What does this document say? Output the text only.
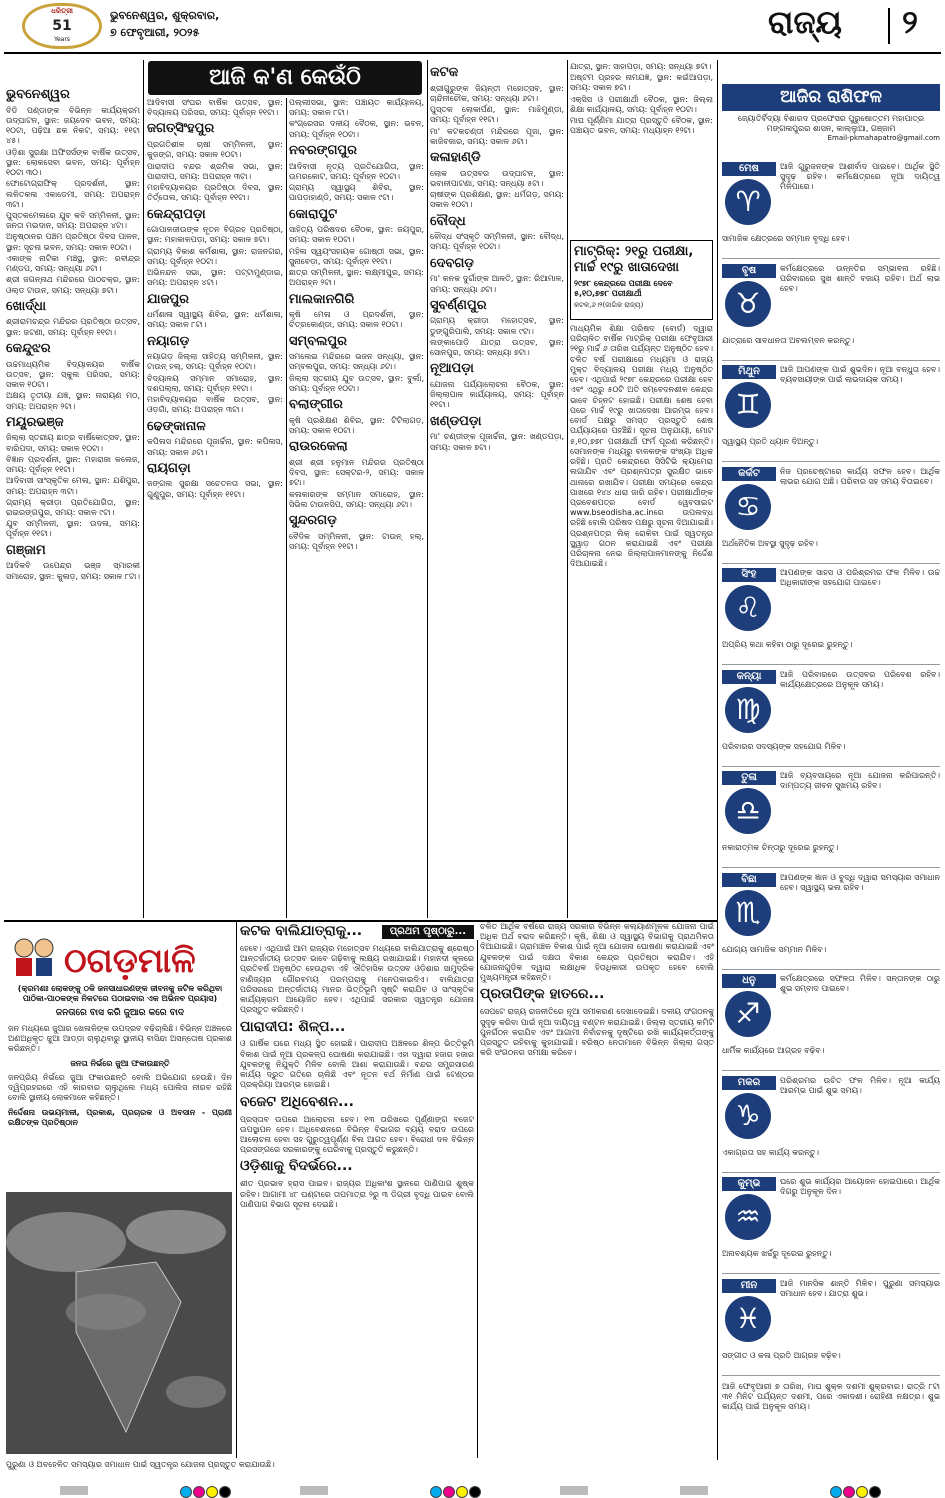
ଧରିତ୍ରୀ
51
Years
ଭୁବନେଶ୍ୱର, ଶୁକ୍ରବାର,
୭ ଫେବୃଆରୀ, ୨୦୨୫	ରାଜ୍ୟ ୨
ଆଜି କ'ଣ କେଉଁଠି
ଭୁବନେଶ୍ୱର
ବିଡି ପଣ୍ଡାଙ୍କ ବିଭିନ୍ନ କାର୍ଯ୍ୟକ୍ରମ ଉଦ୍‌ଘାଟନ, ସ୍ଥାନ: ଜୟଦେବ ଭବନ, ସମୟ: ୧୦ଟା, ପଢ଼ିଆ ଛକ ନିକଟ, ସମୟ: ୧୧ଟା ୪୫।
ଓଡ଼ିଶା ସୁରକ୍ଷା ଅଫିସର୍ସଙ୍କ ବାର୍ଷିକ ଉତ୍ସବ, ସ୍ଥାନ: ଲୋକସେବା ଭବନ, ସମୟ: ପୂର୍ବାହ୍ନ ୧୦ଟା ୩୦।
ଫୋଟୋଗ୍ରାଫିକ୍ ପ୍ରଦର୍ଶନୀ, ସ୍ଥାନ: ଲଳିତକଳା ଏକାଡେମୀ, ସମୟ: ଅପରାହ୍ନ ୩ଟା।
ପୁସ୍ତକମେଳାରେ ଯୁବ କବି ସମ୍ମିଳନୀ, ସ୍ଥାନ: ଜନତା ମଇଦାନ, ସମୟ: ଅପରାହ୍ନ ୪ଟା।
ଅନୁଷ୍ଠାନର ପଞ୍ଚମ ପ୍ରତିଷ୍ଠା ଦିବସ ପାଳନ, ସ୍ଥାନ: ସୂଚନା ଭବନ, ସମୟ: ସକାଳ ୧୦ଟା।
ଏକାଙ୍କ ନାଟିକା ମଞ୍ଚସ୍ଥ, ସ୍ଥାନ: ରବୀନ୍ଦ୍ର ମଣ୍ଡପ, ସମୟ: ସନ୍ଧ୍ୟା ୬ଟା।
ଶ୍ରୀ ଜଗନ୍ନାଥ ମନ୍ଦିରରେ ପାଠଚକ୍ର, ସ୍ଥାନ: ଓଲ୍ଡ ଟାଉନ, ସମୟ: ସନ୍ଧ୍ୟା ୭ଟା।
ଖୋର୍ଦ୍ଧା
ଶ୍ରୀରାମଚନ୍ଦ୍ର ମନ୍ଦିରର ପ୍ରତିଷ୍ଠା ଉତ୍ସବ, ସ୍ଥାନ: ଜଟଣୀ, ସମୟ: ପୂର୍ବାହ୍ନ ୧୧ଟା।
କେନ୍ଦୁଝର
ଉଚ୍ଚମାଧ୍ୟମିକ ବିଦ୍ୟାଳୟର ବାର୍ଷିକ ଉତ୍ସବ, ସ୍ଥାନ: ସ୍କୁଲ ପରିସର, ସମୟ: ସକାଳ ୧୦ଟା।
ଅକ୍ଷୟ ତୃତୀୟା ଯଜ୍ଞ, ସ୍ଥାନ: ନାରାୟଣ ମଠ, ସମୟ: ଅପରାହ୍ନ ୨ଟା।
ମୟୂରଭଞ୍ଜ
ଜିଲ୍ଲା ସ୍ତରୀୟ ଛାତ୍ର ବାର୍ଷିକୋତ୍ସବ, ସ୍ଥାନ: ବାରିପଦା, ସମୟ: ସକାଳ ୧୦ଟା।
ବିଜ୍ଞାନ ପ୍ରଦର୍ଶନୀ, ସ୍ଥାନ: ମହାରାଜା କଲେଜ, ସମୟ: ପୂର୍ବାହ୍ନ ୧୧ଟା।
ଆଦିବାସୀ ସାଂସ୍କୃତିକ ମେଳା, ସ୍ଥାନ: ଯଶିପୁର, ସମୟ: ଅପରାହ୍ନ ୩ଟା।
ଗ୍ରାମ୍ୟ କ୍ରୀଡ଼ା ପ୍ରତିଯୋଗିତା, ସ୍ଥାନ: ରାଇରଙ୍ଗପୁର, ସମୟ: ସକାଳ ୯ଟା।
ଯୁବ ସମ୍ମିଳନୀ, ସ୍ଥାନ: ଉଦଳା, ସମୟ: ପୂର୍ବାହ୍ନ ୧୧ଟା।
ଗଞ୍ଜାମ
ଆଦିକବି ଉପେନ୍ଦ୍ର ଭଞ୍ଜ ସ୍ମାରକୀ ସମାରୋହ, ସ୍ଥାନ: କୁଳାଡ଼, ସମୟ: ସକାଳ ୮ଟା।
ଆଦିବାସୀ ସଂଘର ବାର୍ଷିକ ଉତ୍ସବ, ସ୍ଥାନ: ବିଦ୍ୟାଳୟ ପରିସର, ସମୟ: ପୂର୍ବାହ୍ନ ୧୧ଟା।
ଜଗତ୍‌ସିଂହପୁର
ପ୍ରଗତିଶୀଳ ଚାଷୀ ସମ୍ମିଳନୀ, ସ୍ଥାନ: କୁଜଙ୍ଗ, ସମୟ: ସକାଳ ୧୦ଟା।
ପାରାଦୀପ ବନ୍ଦର ଶ୍ରମିକ ସଭା, ସ୍ଥାନ: ପାରାଦୀପ, ସମୟ: ଅପରାହ୍ନ ୩ଟା।
ମହାବିଦ୍ୟାଳୟର ପ୍ରତିଷ୍ଠା ଦିବସ, ସ୍ଥାନ: ତିର୍ତ୍ତୋଲ, ସମୟ: ପୂର୍ବାହ୍ନ ୧୧ଟା।
କେନ୍ଦ୍ରାପଡ଼ା
ଗୋପାଳଜୀଉଙ୍କ ନୂତନ ବିଗ୍ରହ ପ୍ରତିଷ୍ଠା, ସ୍ଥାନ: ମହାକାଳପଡ଼ା, ସମୟ: ସକାଳ ୭ଟା।
ଗ୍ରାମ୍ୟ ବିକାଶ କର୍ମଶାଳା, ସ୍ଥାନ: ରାଜନଗର, ସମୟ: ପୂର୍ବାହ୍ନ ୧୦ଟା।
ଅଭିନନ୍ଦନ ସଭା, ସ୍ଥାନ: ପଟ୍ଟାମୁଣ୍ଡାଇ, ସମୟ: ଅପରାହ୍ନ ୪ଟା।
ଯାଜପୁର
ଧର୍ମଶାଳା ସ୍ୱାସ୍ଥ୍ୟ ଶିବିର, ସ୍ଥାନ: ଧର୍ମଶାଳା, ସମୟ: ସକାଳ ୮ଟା।
ନୟାଗଡ଼
ନୟାଗଡ଼ ଜିଲ୍ଲା ସାହିତ୍ୟ ସମ୍ମିଳନୀ, ସ୍ଥାନ: ଟାଉନ୍ ହଲ୍, ସମୟ: ପୂର୍ବାହ୍ନ ୧୦ଟା।
ବିଦ୍ୟାଳୟ ସମ୍ମାନ ସମାରୋହ, ସ୍ଥାନ: ଦଶପଲ୍ଲା, ସମୟ: ପୂର୍ବାହ୍ନ ୧୧ଟା।
ମହାବିଦ୍ୟାଳୟର ବାର୍ଷିକ ଉତ୍ସବ, ସ୍ଥାନ: ଓଡ଼ଗାଁ, ସମୟ: ଅପରାହ୍ନ ୩ଟା।
ଢେଙ୍କାନାଳ
କପିଳାସ ମନ୍ଦିରରେ ପୂଜାର୍ଚ୍ଚନା, ସ୍ଥାନ: କପିଳାସ, ସମୟ: ସକାଳ ୬ଟା।
ରାୟଗଡ଼ା
ଜଙ୍ଗଲ ସୁରକ୍ଷା ସଚେତନତା ସଭା, ସ୍ଥାନ: ଗୁଣୁପୁର, ସମୟ: ପୂର୍ବାହ୍ନ ୧୧ଟା।
ପଲ୍ଲୀସଭା, ସ୍ଥାନ: ପଞ୍ଚାୟତ କାର୍ଯ୍ୟାଳୟ, ସମୟ: ସକାଳ ୮ଟା।
କଂଗ୍ରେସର ଦଳୀୟ ବୈଠକ, ସ୍ଥାନ: ଭବନ, ସମୟ: ପୂର୍ବାହ୍ନ ୧୦ଟା।
ନବରଙ୍ଗପୁର
ଆଦିବାସୀ ନୃତ୍ୟ ପ୍ରତିଯୋଗିତା, ସ୍ଥାନ: ଉମରକୋଟ, ସମୟ: ପୂର୍ବାହ୍ନ ୧୦ଟା।
ଗ୍ରାମ୍ୟ ସ୍ୱାସ୍ଥ୍ୟ ଶିବିର, ସ୍ଥାନ: ପାପଡ଼ାହାଣ୍ଡି, ସମୟ: ସକାଳ ୯ଟା।
କୋରାପୁଟ
ସାହିତ୍ୟ ପରିଷଦର ବୈଠକ, ସ୍ଥାନ: ଜୟପୁର, ସମୟ: ସକାଳ ୧୦ଟା।
ମହିଳା ସ୍ୱୟଂସହାୟକ ଗୋଷ୍ଠୀ ସଭା, ସ୍ଥାନ: ସୁନାବେଡ଼ା, ସମୟ: ପୂର୍ବାହ୍ନ ୧୧ଟା।
ଛାତ୍ର ସମ୍ମିଳନୀ, ସ୍ଥାନ: ଲକ୍ଷ୍ମୀପୁର, ସମୟ: ଅପରାହ୍ନ ୨ଟା।
ମାଲକାନଗିରି
କୃଷି ମେଳା ଓ ପ୍ରଦର୍ଶନୀ, ସ୍ଥାନ: ଚିତ୍ରକୋଣ୍ଡା, ସମୟ: ସକାଳ ୧୦ଟା।
ସମ୍ବଲପୁର
ସମଲେଇ ମନ୍ଦିରରେ ଭଜନ ସନ୍ଧ୍ୟା, ସ୍ଥାନ: ସମ୍ବଲପୁର, ସମୟ: ସନ୍ଧ୍ୟା ୬ଟା।
ଜିଲ୍ଲା ସ୍ତରୀୟ ଯୁବ ଉତ୍ସବ, ସ୍ଥାନ: ବୁର୍ଲା, ସମୟ: ପୂର୍ବାହ୍ନ ୧୦ଟା।
ବଲାଙ୍ଗୀର
କୃଷି ପ୍ରଶିକ୍ଷଣ ଶିବିର, ସ୍ଥାନ: ଟିଟିଲାଗଡ଼, ସମୟ: ସକାଳ ୧୦ଟା।
ରାଉରକେଲା
ଶ୍ରୀ ଶ୍ରୀ ହନୁମାନ ମନ୍ଦିରର ପ୍ରତିଷ୍ଠା ଦିବସ, ସ୍ଥାନ: ସେକ୍ଟର-୨, ସମୟ: ସକାଳ ୭ଟା।
କଳାକାରଙ୍କ ସମ୍ମାନ ସମାରୋହ, ସ୍ଥାନ: ସିଭିଲ ଟାଉନସିପ, ସମୟ: ସନ୍ଧ୍ୟା ୬ଟା।
ସୁନ୍ଦରଗଡ଼
ବୈଦିକ ସମ୍ମିଳନୀ, ସ୍ଥାନ: ଟାଉନ୍ ହଲ୍, ସମୟ: ପୂର୍ବାହ୍ନ ୧୧ଟା।
କଟକ
ଶ୍ରୀଗୁରୁଙ୍କ ଜିୟନ୍ତୀ ମହୋତ୍ସବ, ସ୍ଥାନ: ଚାନ୍ଦିନୀଚୌକ, ସମୟ: ସନ୍ଧ୍ୟା ୬ଟା।
ପୁସ୍ତକ ଲୋକାର୍ପଣ, ସ୍ଥାନ: ମାଝିମୁଣ୍ଡା, ସମୟ: ପୂର୍ବାହ୍ନ ୧୧ଟା।
ମା' କଟକଚଣ୍ଡୀ ମନ୍ଦିରରେ ପୂଜା, ସ୍ଥାନ: କାଜିବଜାର, ସମୟ: ସକାଳ ୬ଟା।
କଳାହାଣ୍ଡି
ଲୋକ ଉତ୍ସବର ଉଦ୍‌ଘାଟନ, ସ୍ଥାନ: ଭବାନୀପାଟଣା, ସମୟ: ସନ୍ଧ୍ୟା ୫ଟା।
ଚାଷୀଙ୍କ ପ୍ରଶିକ୍ଷଣ, ସ୍ଥାନ: ଧର୍ମଗଡ଼, ସମୟ: ସକାଳ ୧୦ଟା।
ବୌଦ୍ଧ
ବୌଦ୍ଧ ସଂସ୍କୃତି ସମ୍ମିଳନୀ, ସ୍ଥାନ: ବୌଦ୍ଧ, ସମୟ: ପୂର୍ବାହ୍ନ ୧୦ଟା।
ଦେବଗଡ଼
ମା' କନକ ଦୁର୍ଗାଙ୍କ ଆଳତି, ସ୍ଥାନ: ରିଆମାଳ, ସମୟ: ସନ୍ଧ୍ୟା ୬ଟା।
ସୁବର୍ଣ୍ଣପୁର
ଗ୍ରାମ୍ୟ କ୍ରୀଡ଼ା ମହୋତ୍ସବ, ସ୍ଥାନ: ଡୁଙ୍ଗୁରିପାଲି, ସମୟ: ସକାଳ ୯ଟା।
ଲଙ୍କାପୋଡ଼ି ଯାତ୍ରା ଉତ୍ସବ, ସ୍ଥାନ: ସୋନପୁର, ସମୟ: ସନ୍ଧ୍ୟା ୭ଟା।
ନୂଆପଡ଼ା
ଯୋଜନା ପର୍ଯ୍ୟାଲୋଚନା ବୈଠକ, ସ୍ଥାନ: ଜିଲ୍ଲାପାଳ କାର୍ଯ୍ୟାଳୟ, ସମୟ: ପୂର୍ବାହ୍ନ ୧୧ଟା।
ଖଣ୍ଡପଡ଼ା
ମା' ଚଣ୍ଡୀଙ୍କ ପୂଜାର୍ଚ୍ଚନା, ସ୍ଥାନ: ଖଣ୍ଡପଡ଼ା, ସମୟ: ସକାଳ ୭ଟା।
ଯାତ୍ରା, ସ୍ଥାନ: ସାହାପଡ଼ା, ସମୟ: ସନ୍ଧ୍ୟା ୭ଟା।
ଅଷ୍ଟମ ପ୍ରହର ନାମଯଜ୍ଞ, ସ୍ଥାନ: କଇଁଆପଡ଼ା, ସମୟ: ସକାଳ ୭ଟା।
ଏକ୍ସିସ ଓ ପରୀକ୍ଷାର୍ଥୀ ବୈଠକ, ସ୍ଥାନ: ଜିଲ୍ଲା ଶିକ୍ଷା କାର୍ଯ୍ୟାଳୟ, ସମୟ: ପୂର୍ବାହ୍ନ ୧୦ଟା।
ମାଘ ପୂର୍ଣ୍ଣିମା ଯାତ୍ରା ପ୍ରସ୍ତୁତି ବୈଠକ, ସ୍ଥାନ: ପଞ୍ଚାୟତ ଭବନ, ସମୟ: ମଧ୍ୟାହ୍ନ ୧୨ଟା।
ମାଟ୍ରିକ୍: ୨୧ରୁ ପରୀକ୍ଷା, ମାର୍ଚ୍ଚ ୧୯ରୁ ଖାତାଦେଖା
୨୯୭୮ କେନ୍ଦ୍ରରେ ପରୀକ୍ଷା ଦେବେ ୫,୧୦,୭୭୮ ପରୀକ୍ଷାର୍ଥୀ
କଟକ,୬।୨(ଜାଗିକ ରାଜ୍ୟ)
ମାଧ୍ୟମିକ ଶିକ୍ଷା ପରିଷଦ (ବୋର୍ଡ) ଦ୍ୱାରା ପରିଚାଳିତ ବାର୍ଷିକ ମାଟ୍ରିକ୍ ପରୀକ୍ଷା ଫେବୃଆରୀ ୨୧ରୁ ମାର୍ଚ୍ଚ ୬ ତାରିଖ ପର୍ଯ୍ୟନ୍ତ ଅନୁଷ୍ଠିତ ହେବ। ଚଳିତ ବର୍ଷ ପରୀକ୍ଷାରେ ମଧ୍ୟମା ଓ ରାଜ୍ୟ ମୁକ୍ତ ବିଦ୍ୟାଳୟ ପରୀକ୍ଷା ମଧ୍ୟ ଅନୁଷ୍ଠିତ ହେବ। ଏଥିପାଇଁ ୨୯୭୮ କେନ୍ଦ୍ରରେ ପରୀକ୍ଷା ହେବ ଏବଂ ଏଥିରୁ ୫୦ଟି ଅତି ସମ୍ବେଦନଶୀଳ କେନ୍ଦ୍ର ଭାବେ ଚିହ୍ନଟ ହୋଇଛି। ପରୀକ୍ଷା ଶେଷ ହେବା ପରେ ମାର୍ଚ୍ଚ ୧୯ରୁ ଖାତାଦେଖା ଆରମ୍ଭ ହେବ। ବୋର୍ଡ ପକ୍ଷରୁ ସମସ୍ତ ପ୍ରସ୍ତୁତି ଶେଷ ପର୍ଯ୍ୟାୟରେ ପହଞ୍ଚିଛି। ସୂଚନା ଅନୁଯାୟୀ, ମୋଟ ୫,୧୦,୭୭୮ ପରୀକ୍ଷାର୍ଥୀ ଫର୍ମ ପୂରଣ କରିଛନ୍ତି। ସେମାନଙ୍କ ମଧ୍ୟରୁ ବାଳକଙ୍କ ସଂଖ୍ୟା ଅଧିକ ରହିଛି। ପ୍ରତି କେନ୍ଦ୍ରରେ ସିସିଟିଭି କ୍ୟାମେରା ଲଗାଯିବ ଏବଂ ପ୍ରଶ୍ନପତ୍ର ସୁରକ୍ଷିତ ଭାବେ ଥାନାରେ ରଖାଯିବ। ପରୀକ୍ଷା ସମୟରେ କେନ୍ଦ୍ର ପାଖରେ ୧୪୪ ଧାରା ଜାରି ରହିବ। ପରୀକ୍ଷାର୍ଥୀଙ୍କ ପ୍ରବେଶପତ୍ର ବୋର୍ଡ ୱେବସାଇଟ www.bseodisha.ac.inରେ ଉପଲବ୍ଧ ରହିଛି ବୋଲି ପରିଷଦ ପକ୍ଷରୁ ସୂଚନା ଦିଆଯାଇଛି। ପ୍ରଶ୍ନପତ୍ର ଲିକ୍ ରୋକିବା ପାଇଁ ସ୍ୱତନ୍ତ୍ର ସ୍କ୍ୱାଡ଼ ଗଠନ କରାଯାଇଛି ଏବଂ ପରୀକ୍ଷା ପରିଚାଳନା ନେଇ ଜିଲ୍ଲାପାଳମାନଙ୍କୁ ନିର୍ଦ୍ଦେଶ ଦିଆଯାଇଛି।
ଆଜିର ରାଶିଫଳ
ଜ୍ୟୋତିର୍ବିଦ୍ୟା ବିଶାରଦ ପ୍ରଫେସର ପୁରୁଷୋତ୍ତମ ମହାପାତ୍ର
ମଙ୍ଗଳାପୁରର ଶାସନ, କାଲ୍ଲୁଆ, ଗଞ୍ଜାମ
Email-pkmahapatro@gmail.com
ମେଷ
♈
ଆଜି ଗୁରୁଜନଙ୍କ ଆଶୀର୍ବାଦ ପାଇବେ। ଆର୍ଥିକ ସ୍ଥିତି ସୁଦୃଢ଼ ରହିବ। କର୍ମକ୍ଷେତ୍ରରେ ନୂଆ ଦାୟିତ୍ୱ ମିଳିପାରେ।
ସାମାଜିକ କ୍ଷେତ୍ରରେ ସମ୍ମାନ ବୃଦ୍ଧି ହେବ।
ବୃଷ
♉
କର୍ମକ୍ଷେତ୍ରରେ ଉନ୍ନତିର ସମ୍ଭାବନା ରହିଛି। ପରିବାରରେ ସୁଖ ଶାନ୍ତି ବଜାୟ ରହିବ। ଅର୍ଥ ଲାଭ ହେବ।
ଯାତ୍ରାରେ ସାବଧାନତା ଅବଲମ୍ବନ କରନ୍ତୁ।
ମିଥୁନ
♊
ଆଜି ଆପଣଙ୍କ ପାଇଁ ଶୁଭଦିନ। ନୂଆ ବନ୍ଧୁତା ହେବ। ବ୍ୟବସାୟୀଙ୍କ ପାଇଁ ଲାଭଦାୟକ ସମୟ।
ସ୍ୱାସ୍ଥ୍ୟ ପ୍ରତି ଧ୍ୟାନ ଦିଅନ୍ତୁ।
କର୍କଟ
♋
ନିଜ ପ୍ରଚେଷ୍ଟାରେ କାର୍ଯ୍ୟ ସଫଳ ହେବ। ଆର୍ଥିକ ଲାଭର ଯୋଗ ଅଛି। ପରିବାର ସହ ସମୟ ବିତାଇବେ।
ଅର୍ଥନୈତିକ ଅବସ୍ଥା ସୁଦୃଢ଼ ରହିବ।
ସିଂହ
♌
ଆପଣଙ୍କ ସାହସ ଓ ପରିଶ୍ରମର ଫଳ ମିଳିବ। ଉଚ୍ଚ ଅଧିକାରୀଙ୍କ ସହଯୋଗ ପାଇବେ।
ଅପ୍ରିୟ କଥା କହିବା ଠାରୁ ଦୂରେଇ ରୁହନ୍ତୁ।
କନ୍ୟା
♍
ଆଜି ପରିବାରରେ ଉତ୍ସବର ପରିବେଶ ରହିବ। କାର୍ଯ୍ୟକ୍ଷେତ୍ରରେ ଅନୁକୂଳ ସମୟ।
ପରିବାରର ସଦସ୍ୟଙ୍କ ସହଯୋଗ ମିଳିବ।
ତୁଳା
♎
ଆଜି ବ୍ୟବସାୟରେ ନୂଆ ଯୋଜନା କରିପାରନ୍ତି। ଦାମ୍ପତ୍ୟ ଜୀବନ ସୁଖମୟ ରହିବ।
ନକାରାତ୍ମକ ଚିନ୍ତାରୁ ଦୂରେଇ ରୁହନ୍ତୁ।
ବିଛା
♏
ଆପଣଙ୍କ ଜ୍ଞାନ ଓ ବୁଦ୍ଧି ଦ୍ୱାରା ସମସ୍ୟାର ସମାଧାନ ହେବ। ସ୍ୱାସ୍ଥ୍ୟ ଭଲ ରହିବ।
ଯୋଗ୍ୟ ସାମାଜିକ ସମ୍ମାନ ମିଳିବ।
ଧନୁ
♐
କର୍ମକ୍ଷେତ୍ରରେ ସଫଳତା ମିଳିବ। ସନ୍ତାନଙ୍କ ଠାରୁ ଶୁଭ ସମ୍ବାଦ ପାଇବେ।
ଧାର୍ମିକ କାର୍ଯ୍ୟରେ ଆଗ୍ରହ ବଢ଼ିବ।
ମକର
♑
ପରିଶ୍ରମର ଉଚିତ ଫଳ ମିଳିବ। ନୂଆ କାର୍ଯ୍ୟ ଆରମ୍ଭ ପାଇଁ ଶୁଭ ସମୟ।
ଏକାଗ୍ରତା ସହ କାର୍ଯ୍ୟ କରନ୍ତୁ।
କୁମ୍ଭ
♒
ଘରେ ଶୁଭ କାର୍ଯ୍ୟର ଆୟୋଜନ ହୋଇପାରେ। ଆର୍ଥିକ ଦିଗରୁ ଅନୁକୂଳ ଦିନ।
ଅନାବଶ୍ୟକ ଖର୍ଚ୍ଚରୁ ଦୂରେଇ ରୁହନ୍ତୁ।
ମୀନ
♓
ଆଜି ମାନସିକ ଶାନ୍ତି ମିଳିବ। ପୁରୁଣା ସମସ୍ୟାର ସମାଧାନ ହେବ। ଯାତ୍ରା ଶୁଭ।
ସଙ୍ଗୀତ ଓ କଳା ପ୍ରତି ଆଗ୍ରହ ବଢ଼ିବ।
ଆଜି ଫେବୃଆରୀ ୭ ତାରିଖ, ମାଘ ଶୁକ୍ଳ ଦଶମୀ ଶୁକ୍ରବାର। ରାତ୍ରି ୮ଟା ୩୧ ମିନିଟ ପର୍ଯ୍ୟନ୍ତ ଦଶମୀ, ପରେ ଏକାଦଶୀ। ରୋହିଣୀ ନକ୍ଷତ୍ର। ଶୁଭ କାର୍ଯ୍ୟ ପାଇଁ ଅନୁକୂଳ ସମୟ।
ଠଗଡ଼ମାଳି
(କ୍ରମଶଃ ଲୋକଙ୍କୁ ଠକି ଜନସାଧାରଣଙ୍କ ଜୀବନକୁ ଜଟିଳ କରିଥିବା ପାଠିକା-ପାଠକଙ୍କ ନିକଟରେ ପଠାଇବାର ଏକ ଅଭିନବ ପ୍ରୟାସ)
ଜନତାରେ ବାସ କରି ଜୁଆର କରେ ବାଦ
ଜନ ମଧ୍ୟରେ ଜୁଆର ଖେଳାଳିଙ୍କ ଉପଦ୍ରବ ବଢ଼ିଚାଲିଛି। ବିଭିନ୍ନ ଅଞ୍ଚଳରେ ଅଣଅଧିକୃତ ଜୁଆ ଆଡ୍ଡା ଚାଲୁଥିବାରୁ ସ୍ଥାନୀୟ ବାସିନ୍ଦା ଅସନ୍ତୋଷ ପ୍ରକାଶ କରିଛନ୍ତି।
ଜନତା ନିର୍ଭରେ ଜୁଆ ଫକାଉଛନ୍ତି
ଜନପ୍ରିୟ ନିର୍ଭରେ ଜୁଆ ଫକାଉଛନ୍ତି ବୋଲି ଅଭିଯୋଗ ହେଉଛି। ଦିନ ଦ୍ୱିପ୍ରହରରେ ଏହି କାରବାର ଚାଲୁଥିଲେ ମଧ୍ୟ ପୋଲିସ ନୀରବ ରହିଛି ବୋଲି ସ୍ଥାନୀୟ ଲୋକମାନେ କହିଛନ୍ତି।
ନିର୍ଦ୍ଦେଶନା ଉଭୟମାଳୀ, ପ୍ରକାଶ, ପ୍ରଚାରକ ଓ ଅବସାନ - ପ୍ରାଣୀ ରକ୍ଷିତଙ୍କ ପ୍ରତିଷ୍ଠାନ
କଟକ ବାଲିଯାତ୍ରାକୁ...	ପ୍ରଥମ ପୃଷ୍ଠାରୁ...
ହେବେ। ଏଥିପାଇଁ ଆମ ରାଜ୍ୟର ମହୋତ୍ସବ ମଧ୍ୟରେ ବାଲିଯାତ୍ରାକୁ ଶ୍ରେଷ୍ଠ ଆନ୍ତର୍ଜାତୀୟ ଉତ୍ସବ ଭାବେ ଗଢ଼ିବାକୁ ଲକ୍ଷ୍ୟ ରଖାଯାଇଛି। ମହାନଦୀ କୂଳରେ ପ୍ରତିବର୍ଷ ଅନୁଷ୍ଠିତ ହେଉଥିବା ଏହି ଐତିହାସିକ ଉତ୍ସବ ଓଡ଼ିଶାର ସାମୁଦ୍ରିକ ବାଣିଜ୍ୟର ଗୌରବମୟ ପରମ୍ପରାକୁ ମନେପକାଇଦିଏ। ବାଲିଯାତ୍ରା ପରିସରରେ ଅନ୍ତର୍ଜାତୀୟ ମାନର ଭିତ୍ତିଭୂମି ସୃଷ୍ଟି କରାଯିବ ଓ ସାଂସ୍କୃତିକ କାର୍ଯ୍ୟକ୍ରମ ଆୟୋଜିତ ହେବ। ଏଥିପାଇଁ ସରକାର ସ୍ୱତନ୍ତ୍ର ଯୋଜନା ପ୍ରସ୍ତୁତ କରିଛନ୍ତି।
ପାରାଦୀପ: ଶିଳ୍ପ...
ଓ ଗାର୍ଷିକ ଘରେ ମଧ୍ୟ ସ୍ଥିତ ହୋଇଛି। ପାରାଦୀପ ଅଞ୍ଚଳରେ ଶିଳ୍ପ ଭିତ୍ତିଭୂମି ବିକାଶ ପାଇଁ ନୂଆ ପ୍ରକଳ୍ପ ଘୋଷଣା କରାଯାଇଛି। ଏହା ଦ୍ୱାରା ହଜାର ହଜାର ଯୁବକଙ୍କୁ ନିଯୁକ୍ତି ମିଳିବ ବୋଲି ଆଶା କରାଯାଉଛି। ବନ୍ଦର ସମ୍ପ୍ରସାରଣ କାର୍ଯ୍ୟ ଦ୍ରୁତ ଗତିରେ ଚାଲିଛି ଏବଂ ନୂତନ ବର୍ଥ ନିର୍ମାଣ ପାଇଁ ଟେଣ୍ଡର ପ୍ରକ୍ରିୟା ଆରମ୍ଭ ହୋଇଛି।
ବଜେଟ ଅଧିବେଶନ...
ପ୍ରସ୍ତାବ ଉପରେ ଆଲୋଚନା ହେବ। ୧୩ ତାରିଖରେ ପୂର୍ଣ୍ଣାଙ୍ଗ ବଜେଟ ଉପସ୍ଥାପନ ହେବ। ଅଧିବେଶନରେ ବିଭିନ୍ନ ବିଭାଗର ବ୍ୟୟ ବରାଦ ଉପରେ ଆଲୋଚନା ହେବା ସହ ଗୁରୁତ୍ୱପୂର୍ଣ୍ଣ ବିଲ ଆଗତ ହେବ। ବିରୋଧୀ ଦଳ ବିଭିନ୍ନ ପ୍ରସଙ୍ଗରେ ସରକାରଙ୍କୁ ଘେରିବାକୁ ପ୍ରସ୍ତୁତି କରୁଛନ୍ତି।
ଓଡ଼ିଶାକୁ ବିଦର୍ଭରେ...
ଶୀତ ପ୍ରଭାବ ହ୍ରାସ ପାଇବ। ରାଜ୍ୟର ଅଧିକାଂଶ ସ୍ଥାନରେ ପାଣିପାଗ ଶୁଷ୍କ ରହିବ। ଆଗାମୀ ୪୮ ଘଣ୍ଟାରେ ତାପମାତ୍ରା ୨ରୁ ୩ ଡିଗ୍ରୀ ବୃଦ୍ଧି ପାଇବ ବୋଲି ପାଣିପାଗ ବିଭାଗ ସୂଚନା ଦେଇଛି।
ଚଳିତ ଆର୍ଥିକ ବର୍ଷରେ ରାଜ୍ୟ ସରକାର ବିଭିନ୍ନ କଲ୍ୟାଣମୂଳକ ଯୋଜନା ପାଇଁ ଅଧିକ ଅର୍ଥ ବରାଦ କରିଛନ୍ତି। କୃଷି, ଶିକ୍ଷା ଓ ସ୍ୱାସ୍ଥ୍ୟ ବିଭାଗକୁ ପ୍ରାଥମିକତା ଦିଆଯାଇଛି। ଗ୍ରାମାଞ୍ଚଳ ବିକାଶ ପାଇଁ ନୂଆ ଯୋଜନା ଘୋଷଣା କରାଯାଇଛି ଏବଂ ଯୁବକଙ୍କ ପାଇଁ ଦକ୍ଷତା ବିକାଶ କେନ୍ଦ୍ର ପ୍ରତିଷ୍ଠା କରାଯିବ। ଏହି ଯୋଜନାଗୁଡ଼ିକ ଦ୍ୱାରା ଲକ୍ଷାଧିକ ହିତାଧିକାରୀ ଉପକୃତ ହେବେ ବୋଲି ମୁଖ୍ୟମନ୍ତ୍ରୀ କହିଛନ୍ତି।
ପ୍ରତାପିଙ୍କ ହାତରେ...
ସେପଟେ ରାଜ୍ୟ ରାଜନୀତିରେ ନୂଆ ସମୀକରଣ ଦେଖାଦେଇଛି। ଦଳୀୟ ସଂଗଠନକୁ ସୁଦୃଢ଼ କରିବା ପାଇଁ ନୂଆ ଦାୟିତ୍ୱ ବଣ୍ଟନ କରାଯାଇଛି। ଜିଲ୍ଲା ସ୍ତରୀୟ କମିଟି ପୁନର୍ଗଠନ କରାଯିବ ଏବଂ ଆଗାମୀ ନିର୍ବାଚନକୁ ଦୃଷ୍ଟିରେ ରଖି କାର୍ଯ୍ୟକର୍ତ୍ତାଙ୍କୁ ପ୍ରସ୍ତୁତ ରହିବାକୁ କୁହାଯାଇଛି। ବରିଷ୍ଠ ନେତାମାନେ ବିଭିନ୍ନ ଜିଲ୍ଲା ଗସ୍ତ କରି ସଂଗଠନର ସମୀକ୍ଷା କରିବେ।
ପୁରୁଣା ଓ ଅବହେଳିତ ସମସ୍ୟାର ସମାଧାନ ପାଇଁ ସ୍ୱତନ୍ତ୍ର ଯୋଜନା ପ୍ରସ୍ତୁତ କରାଯାଉଛି।
